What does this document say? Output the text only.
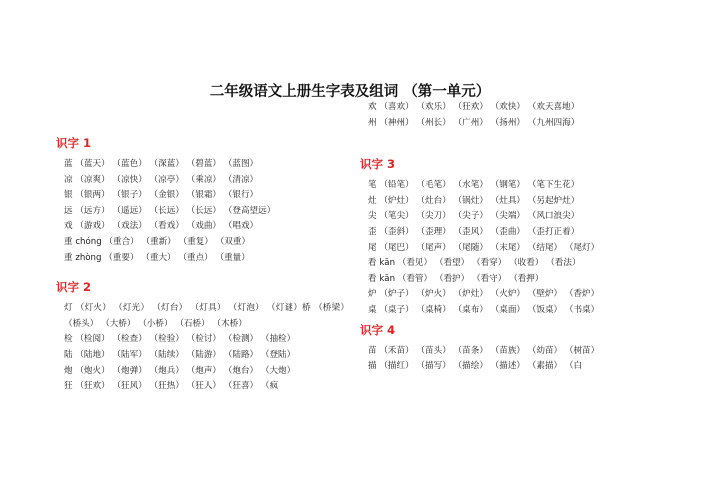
二年级语文上册生字表及组词 （第一单元）
识字 1
蓝 （蓝天） （蓝色） （深蓝） （碧蓝） （蓝图）
凉 （凉爽） （凉快） （凉亭） （乘凉） （清凉）
银 （银两） （银子） （金银） （银霜） （银行）
远 （远方） （遥远） （长远） （长远） （登高望远）
戏 （游戏） （戏法） （看戏） （戏曲） （唱戏）
重 chóng （重合） （重新） （重复） （双重）
重 zhòng （重要） （重大） （重点） （重量）
识字 2
灯 （灯火） （灯光） （灯台） （灯具） （灯泡） （灯谜）桥 （桥梁） （桥头） （大桥） （小桥） （石桥） （木桥）
检 （检阅） （检查） （检验） （检讨） （检测） （抽检）
陆 （陆地） （陆军） （陆续） （陆游） （陆路） （登陆）
炮 （炮火） （炮弹） （炮兵） （炮声） （炮台） （大炮）
狂 （狂欢） （狂风） （狂热） （狂人） （狂喜） （疯
欢 （喜欢） （欢乐） （狂欢） （欢快） （欢天喜地）
州 （神州） （州长） （广州） （扬州） （九州四海）
识字 3
笔 （铅笔） （毛笔） （水笔） （钢笔） （笔下生花）
灶 （炉灶） （灶台） （锅灶） （灶具） （另起炉灶）
尖 （笔尖） （尖刀） （尖子） （尖端） （风口浪尖）
歪 （歪斜） （歪理） （歪风） （歪曲） （歪打正着）
尾 （尾巴） （尾声） （尾随） （末尾） （结尾） （尾灯）
看 kān （看见） （看望） （看穿） （收看） （看法）
看 kān （看管） （看护） （看守） （看押）
炉 （炉子） （炉火） （炉灶） （火炉） （壁炉） （香炉）
桌 （桌子） （桌椅） （桌布） （桌面） （饭桌） （书桌）
识字 4
苗 （禾苗） （苗头） （苗条） （苗族） （幼苗） （树苗）
描 （描红） （描写） （描绘） （描述） （素描） （白
